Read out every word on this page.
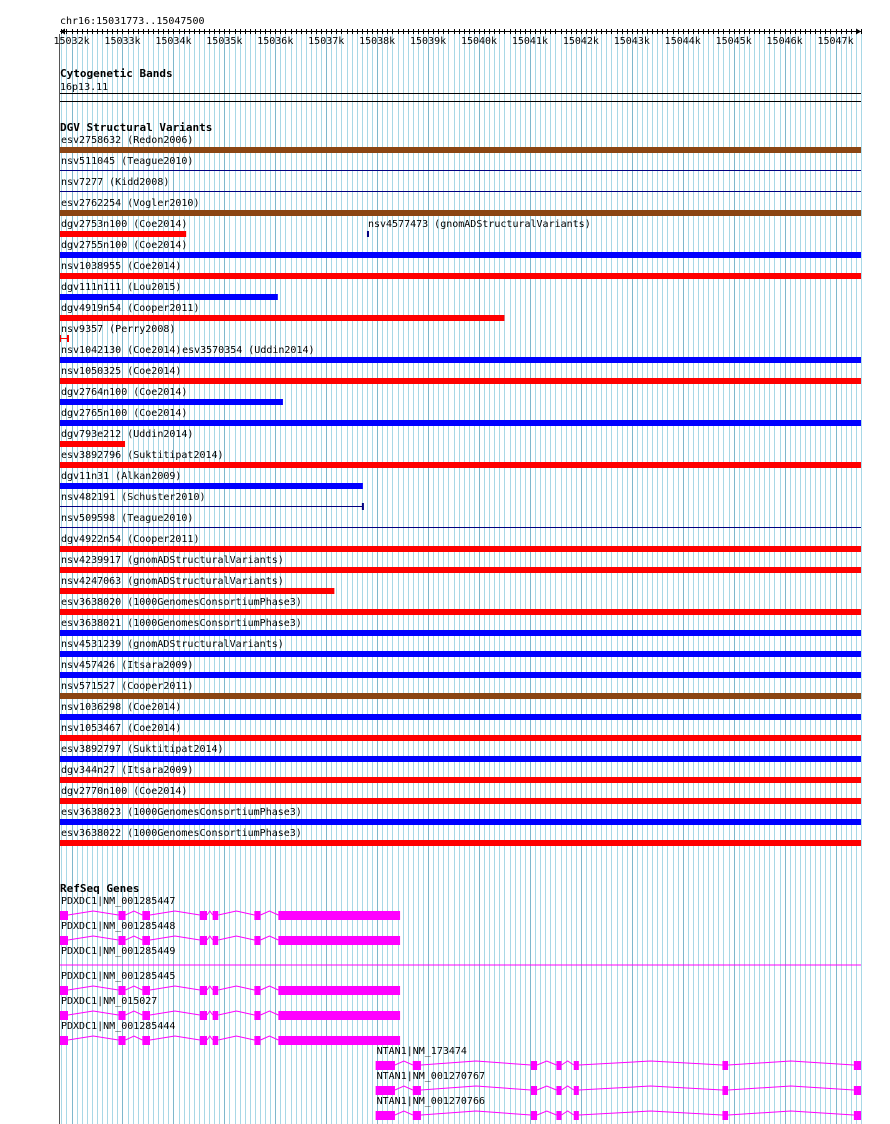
chr16:15031773..15047500
15032k 15033k 15034k 15035k 15036k 15037k 15038k 15039k 15040k 15041k 15042k 15043k 15044k 15045k 15046k 15047k
Cytogenetic Bands
16p13.11
DGV Structural Variants
esv2758632 (Redon2006)
nsv511045 (Teague2010)
nsv7277 (Kidd2008)
esv2762254 (Vogler2010)
dgv2753n100 (Coe2014)	nsv4577473 (gnomADStructuralVariants)
dgv2755n100 (Coe2014)
nsv1038955 (Coe2014)
dgv111n111 (Lou2015)
dgv4919n54 (Cooper2011)
nsv9357 (Perry2008)
esv3570354 (Uddin2014)
nsv1042130 (Coe2014)
nsv1050325 (Coe2014)
dgv2764n100 (Coe2014)
dgv2765n100 (Coe2014)
dgv793e212 (Uddin2014)
esv3892796 (Suktitipat2014)
dgv11n31 (Alkan2009)
nsv482191 (Schuster2010)
nsv509598 (Teague2010)
dgv4922n54 (Cooper2011)
nsv4239917 (gnomADStructuralVariants)
nsv4247063 (gnomADStructuralVariants)
esv3638020 (1000GenomesConsortiumPhase3)
esv3638021 (1000GenomesConsortiumPhase3)
nsv4531239 (gnomADStructuralVariants)
nsv457426 (Itsara2009)
nsv571527 (Cooper2011)
nsv1036298 (Coe2014)
nsv1053467 (Coe2014)
esv3892797 (Suktitipat2014)
dgv344n27 (Itsara2009)
dgv2770n100 (Coe2014)
esv3638023 (1000GenomesConsortiumPhase3)
esv3638022 (1000GenomesConsortiumPhase3)
RefSeq Genes
PDXDC1|NM_001285447
PDXDC1|NM_001285448
PDXDC1|NM_001285449
PDXDC1|NM_001285445
PDXDC1|NM_015027
PDXDC1|NM_001285444
NTAN1|NM_173474
NTAN1|NM_001270767
NTAN1|NM_001270766
